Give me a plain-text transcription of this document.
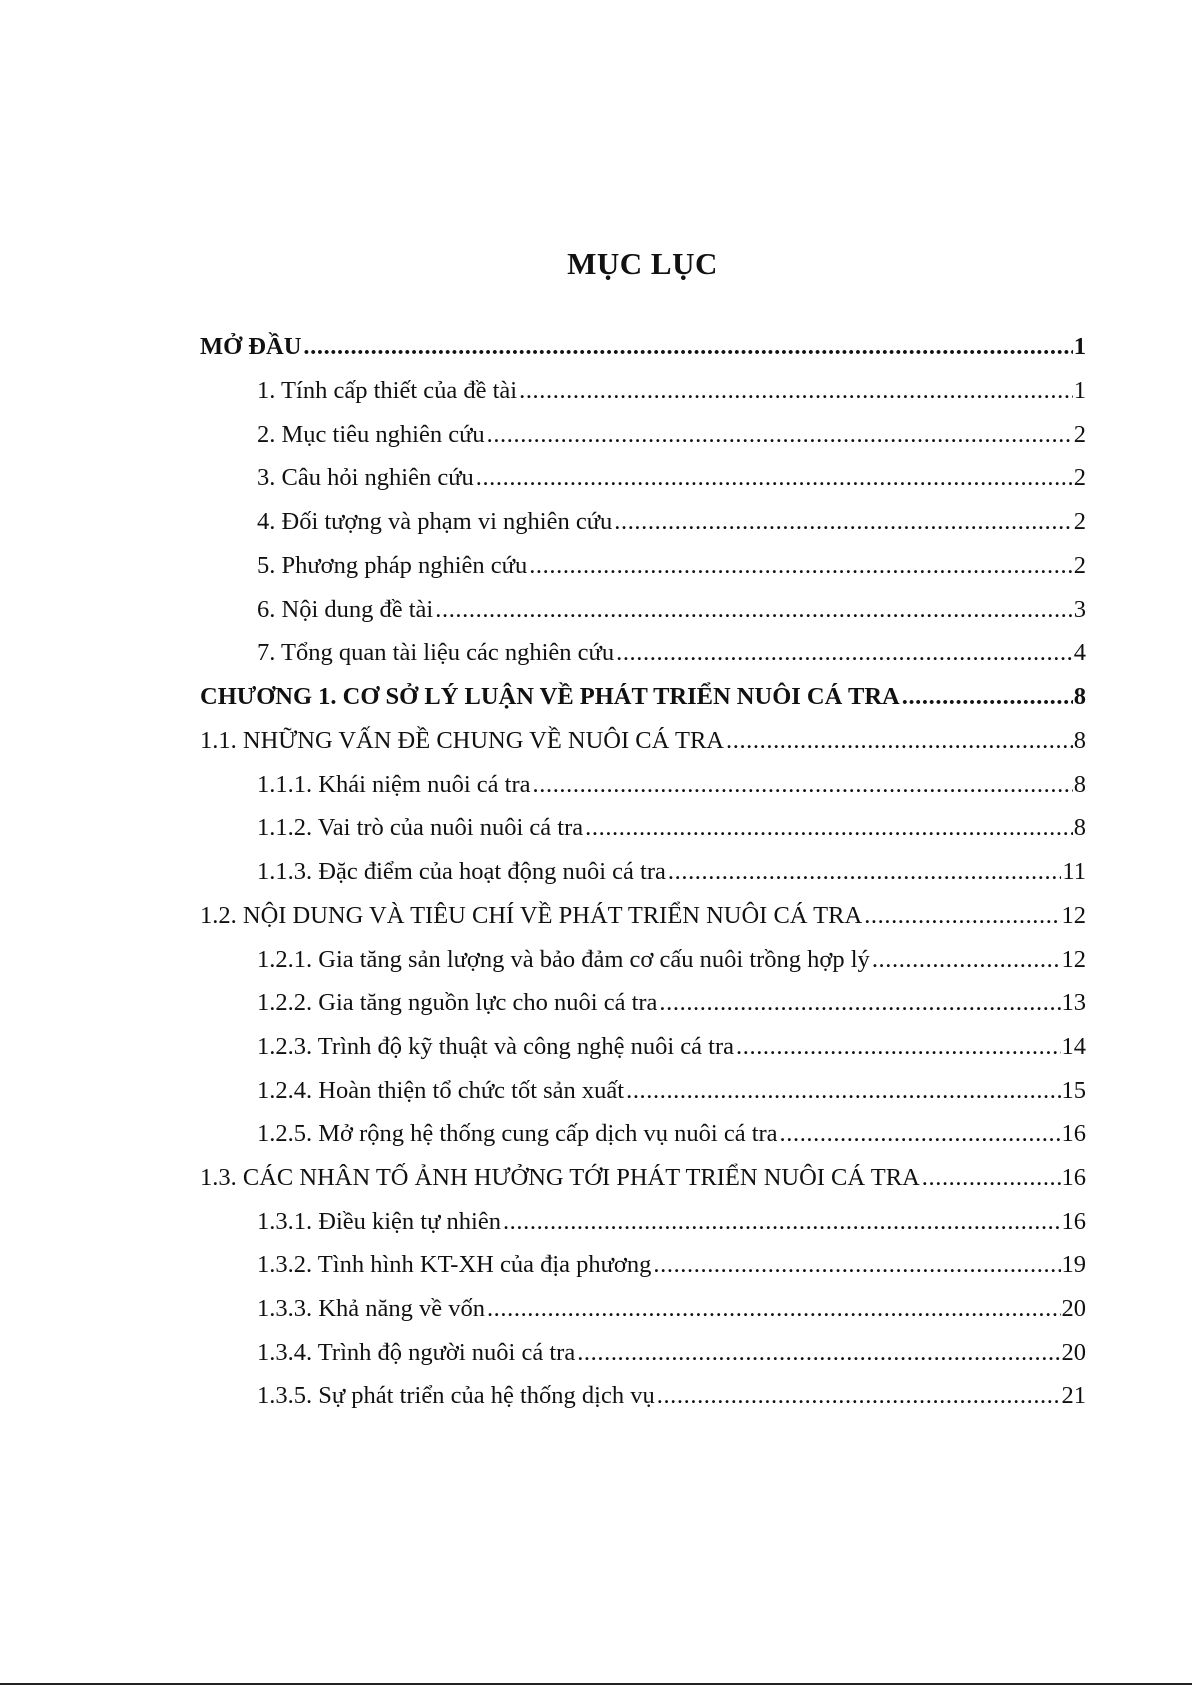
MỤC LỤC
MỞ ĐẦU .....	1
1. Tính cấp thiết của đề tài .....	1
2. Mục tiêu nghiên cứu .....	2
3. Câu hỏi nghiên cứu .....	2
4. Đối tượng và phạm vi nghiên cứu .....	2
5. Phương pháp nghiên cứu .....	2
6. Nội dung đề tài .....	3
7. Tổng quan tài liệu các nghiên cứu .....	4
CHƯƠNG 1. CƠ SỞ LÝ LUẬN VỀ PHÁT TRIỂN NUÔI CÁ TRA .....	8
1.1. NHỮNG VẤN ĐỀ CHUNG VỀ NUÔI CÁ TRA .....	8
1.1.1. Khái niệm nuôi cá tra .....	8
1.1.2. Vai trò của nuôi nuôi cá tra .....	8
1.1.3. Đặc điểm của hoạt động nuôi cá tra .....	11
1.2. NỘI DUNG VÀ TIÊU CHÍ VỀ PHÁT TRIỂN NUÔI CÁ TRA .....	12
1.2.1. Gia tăng sản lượng và bảo đảm cơ cấu nuôi trồng hợp lý .....	12
1.2.2. Gia tăng nguồn lực cho nuôi cá tra .....	13
1.2.3. Trình độ kỹ thuật và công nghệ nuôi cá tra .....	14
1.2.4. Hoàn thiện tổ chức tốt sản xuất .....	15
1.2.5. Mở rộng hệ thống cung cấp dịch vụ nuôi cá tra .....	16
1.3. CÁC NHÂN TỐ ẢNH HƯỞNG TỚI PHÁT TRIỂN NUÔI CÁ TRA .....	16
1.3.1. Điều kiện tự nhiên .....	16
1.3.2. Tình hình KT-XH của địa phương .....	19
1.3.3. Khả năng về vốn .....	20
1.3.4. Trình độ người nuôi cá tra .....	20
1.3.5. Sự phát triển của hệ thống dịch vụ .....	21
